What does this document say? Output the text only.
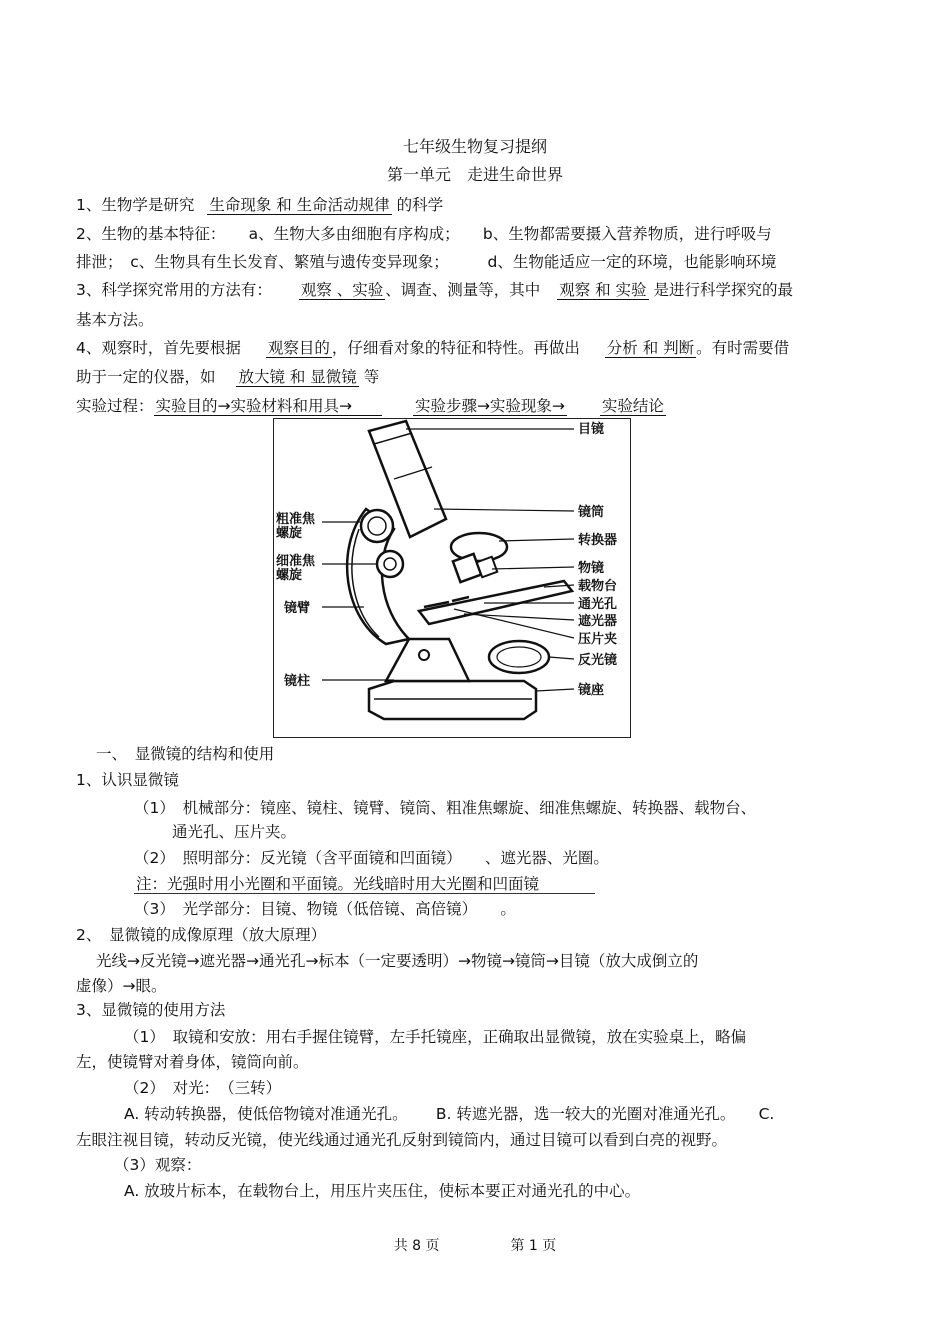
七年级生物复习提纲
第一单元　走进生命世界
1、生物学是研究 生命现象 和 生命活动规律 的科学
2、生物的基本特征：　　a、生物大多由细胞有序构成；　　b、生物都需要摄入营养物质，进行呼吸与
排泄；　c、生物具有生长发育、繁殖与遗传变异现象；　　　d、生物能适应一定的环境，也能影响环境
3、科学探究常用的方法有： 观察 、实验 、调查、测量等，其中 观察 和 实验 是进行科学探究的最
基本方法。
4、观察时，首先要根据 观察目的 ，仔细看对象的特征和特性。再做出 分析 和 判断 。有时需要借
助于一定的仪器，如 放大镜 和 显微镜 等
实验过程： 实验目的→实验材料和用具→	实验步骤→实验现象→ 实验结论
目镜
镜筒
转换器
物镜
载物台
通光孔
遮光器
压片夹
反光镜
镜座
粗准焦
螺旋
细准焦
螺旋
镜臂
镜柱
一、　显微镜的结构和使用
1、认识显微镜
（1）　机械部分：镜座、镜柱、镜臂、镜筒、粗准焦螺旋、细准焦螺旋、转换器、载物台、
通光孔、压片夹。
（2）　照明部分：反光镜（含平面镜和凹面镜）　　、遮光器、光圈。
注：光强时用小光圈和平面镜。光线暗时用大光圈和凹面镜
（3）　光学部分：目镜、物镜（低倍镜、高倍镜）　　。
2、　显微镜的成像原理（放大原理）
光线→反光镜→遮光器→通光孔→标本（一定要透明）→物镜→镜筒→目镜（放大成倒立的
虚像）→眼。
3、显微镜的使用方法
（1）　取镜和安放：用右手握住镜臂，左手托镜座，正确取出显微镜，放在实验桌上，略偏
左，使镜臂对着身体，镜筒向前。
（2）　对光：　（三转）
A. 转动转换器，使低倍物镜对准通光孔。　　 B. 转遮光器，选一较大的光圈对准通光孔。　　C.
左眼注视目镜，转动反光镜，使光线通过通光孔反射到镜筒内，通过目镜可以看到白亮的视野。
（3）观察：
A. 放玻片标本，在载物台上，用压片夹压住，使标本要正对通光孔的中心。
共 8 页	第 1 页
